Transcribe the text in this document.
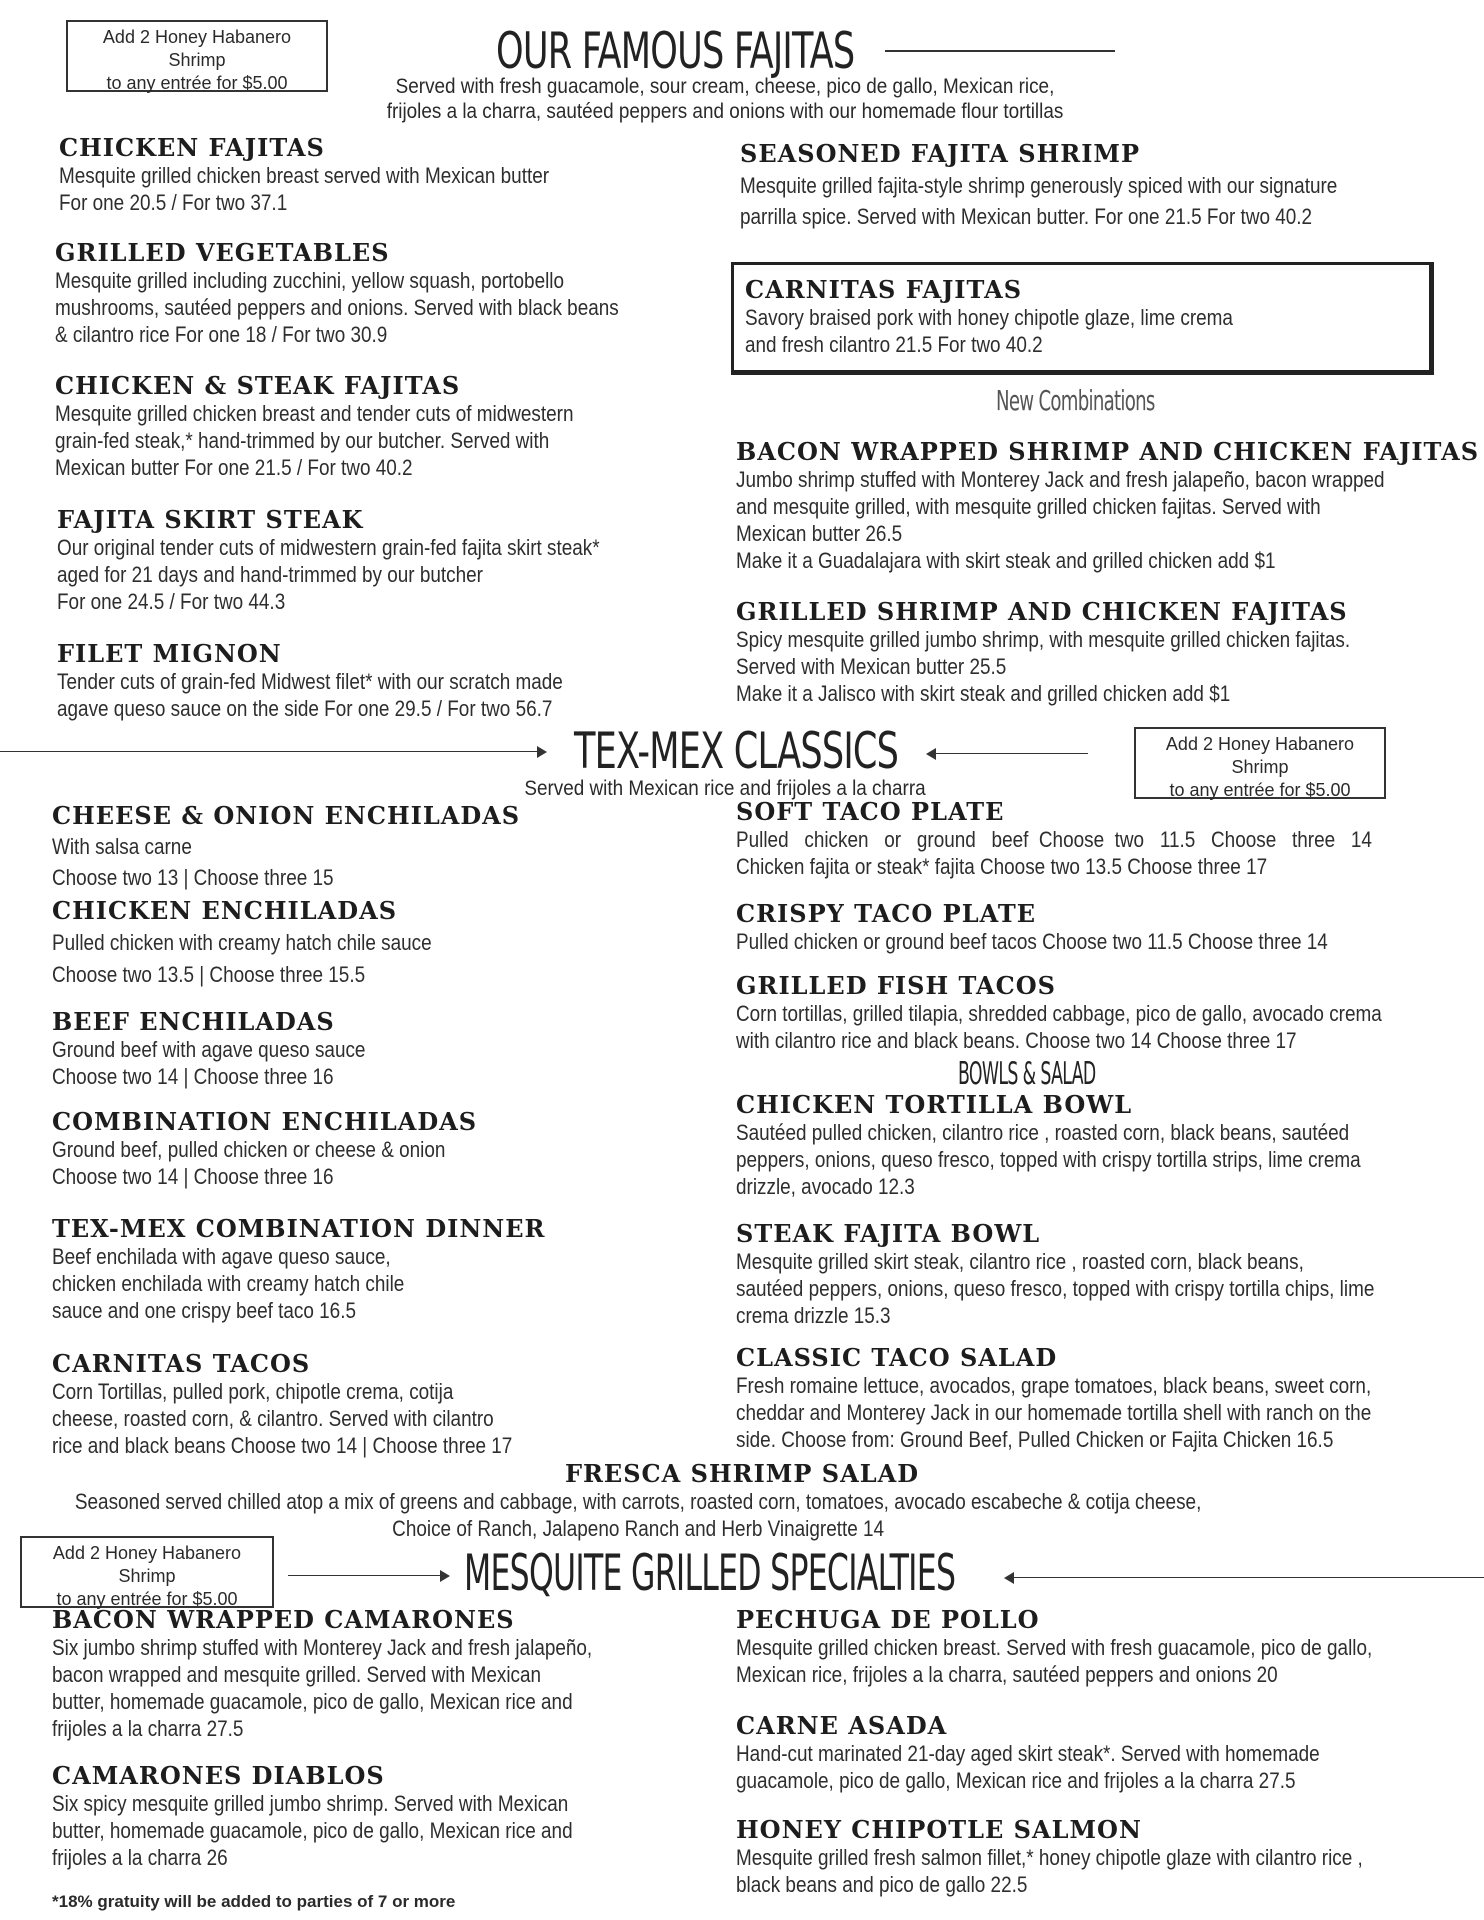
Add 2 Honey Habanero Shrimp
to any entrée for $5.00
OUR FAMOUS FAJITAS
Served with fresh guacamole, sour cream, cheese, pico de gallo, Mexican rice,
frijoles a la charra, sautéed peppers and onions with our homemade flour tortillas
CHICKEN FAJITAS
Mesquite grilled chicken breast served with Mexican butter
For one 20.5 / For two 37.1
GRILLED VEGETABLES
Mesquite grilled including zucchini, yellow squash, portobello
mushrooms, sautéed peppers and onions. Served with black beans
& cilantro rice For one 18 / For two 30.9
CHICKEN & STEAK FAJITAS
Mesquite grilled chicken breast and tender cuts of midwestern
grain-fed steak,* hand-trimmed by our butcher. Served with
Mexican butter For one 21.5 / For two 40.2
FAJITA SKIRT STEAK
Our original tender cuts of midwestern grain-fed fajita skirt steak*
aged for 21 days and hand-trimmed by our butcher
For one 24.5 / For two 44.3
FILET MIGNON
Tender cuts of grain-fed Midwest filet* with our scratch made
agave queso sauce on the side For one 29.5 / For two 56.7
SEASONED FAJITA SHRIMP
Mesquite grilled fajita-style shrimp generously spiced with our signature
parrilla spice. Served with Mexican butter. For one 21.5 For two 40.2
CARNITAS FAJITAS
Savory braised pork with honey chipotle glaze, lime crema
and fresh cilantro 21.5 For two 40.2
New Combinations
BACON WRAPPED SHRIMP AND CHICKEN FAJITAS
Jumbo shrimp stuffed with Monterey Jack and fresh jalapeño, bacon wrapped
and mesquite grilled, with mesquite grilled chicken fajitas. Served with
Mexican butter 26.5
Make it a Guadalajara with skirt steak and grilled chicken add $1
GRILLED SHRIMP AND CHICKEN FAJITAS
Spicy mesquite grilled jumbo shrimp, with mesquite grilled chicken fajitas.
Served with Mexican butter 25.5
Make it a Jalisco with skirt steak and grilled chicken add $1
TEX-MEX CLASSICS	Add 2 Honey Habanero Shrimp
to any entrée for $5.00
Served with Mexican rice and frijoles a la charra
CHEESE & ONION ENCHILADAS
With salsa carne
Choose two 13 | Choose three 15
CHICKEN ENCHILADAS
Pulled chicken with creamy hatch chile sauce
Choose two 13.5 | Choose three 15.5
BEEF ENCHILADAS
Ground beef with agave queso sauce
Choose two 14 | Choose three 16
COMBINATION ENCHILADAS
Ground beef, pulled chicken or cheese & onion
Choose two 14 | Choose three 16
TEX-MEX COMBINATION DINNER
Beef enchilada with agave queso sauce,
chicken enchilada with creamy hatch chile
sauce and one crispy beef taco 16.5
CARNITAS TACOS
Corn Tortillas, pulled pork, chipotle crema, cotija
cheese, roasted corn, & cilantro. Served with cilantro
rice and black beans Choose two 14 | Choose three 17
SOFT TACO PLATE
Pulled   chicken   or   ground   beef  Choose  two   11.5   Choose   three   14
Chicken fajita or steak* fajita Choose two 13.5 Choose three 17
CRISPY TACO PLATE
Pulled chicken or ground beef tacos Choose two 11.5 Choose three 14
GRILLED FISH TACOS
Corn tortillas, grilled tilapia, shredded cabbage, pico de gallo, avocado crema
with cilantro rice and black beans. Choose two 14 Choose three 17
BOWLS & SALAD
CHICKEN TORTILLA BOWL
Sautéed pulled chicken, cilantro rice , roasted corn, black beans, sautéed
peppers, onions, queso fresco, topped with crispy tortilla strips, lime crema
drizzle, avocado 12.3
STEAK FAJITA BOWL
Mesquite grilled skirt steak, cilantro rice , roasted corn, black beans,
sautéed peppers, onions, queso fresco, topped with crispy tortilla chips, lime
crema drizzle 15.3
CLASSIC TACO SALAD
Fresh romaine lettuce, avocados, grape tomatoes, black beans, sweet corn,
cheddar and Monterey Jack in our homemade tortilla shell with ranch on the
side. Choose from: Ground Beef, Pulled Chicken or Fajita Chicken 16.5
FRESCA SHRIMP SALAD
Seasoned served chilled atop a mix of greens and cabbage, with carrots, roasted corn, tomatoes, avocado escabeche & cotija cheese,
Choice of Ranch, Jalapeno Ranch and Herb Vinaigrette 14
Add 2 Honey Habanero Shrimp
to any entrée for $5.00	MESQUITE GRILLED SPECIALTIES
BACON WRAPPED CAMARONES
Six jumbo shrimp stuffed with Monterey Jack and fresh jalapeño,
bacon wrapped and mesquite grilled. Served with Mexican
butter, homemade guacamole, pico de gallo, Mexican rice and
frijoles a la charra 27.5
CAMARONES DIABLOS
Six spicy mesquite grilled jumbo shrimp. Served with Mexican
butter, homemade guacamole, pico de gallo, Mexican rice and
frijoles a la charra 26
PECHUGA DE POLLO
Mesquite grilled chicken breast. Served with fresh guacamole, pico de gallo,
Mexican rice, frijoles a la charra, sautéed peppers and onions 20
CARNE ASADA
Hand-cut marinated 21-day aged skirt steak*. Served with homemade
guacamole, pico de gallo, Mexican rice and frijoles a la charra 27.5
HONEY CHIPOTLE SALMON
Mesquite grilled fresh salmon fillet,* honey chipotle glaze with cilantro rice ,
black beans and pico de gallo 22.5
*18% gratuity will be added to parties of 7 or more
